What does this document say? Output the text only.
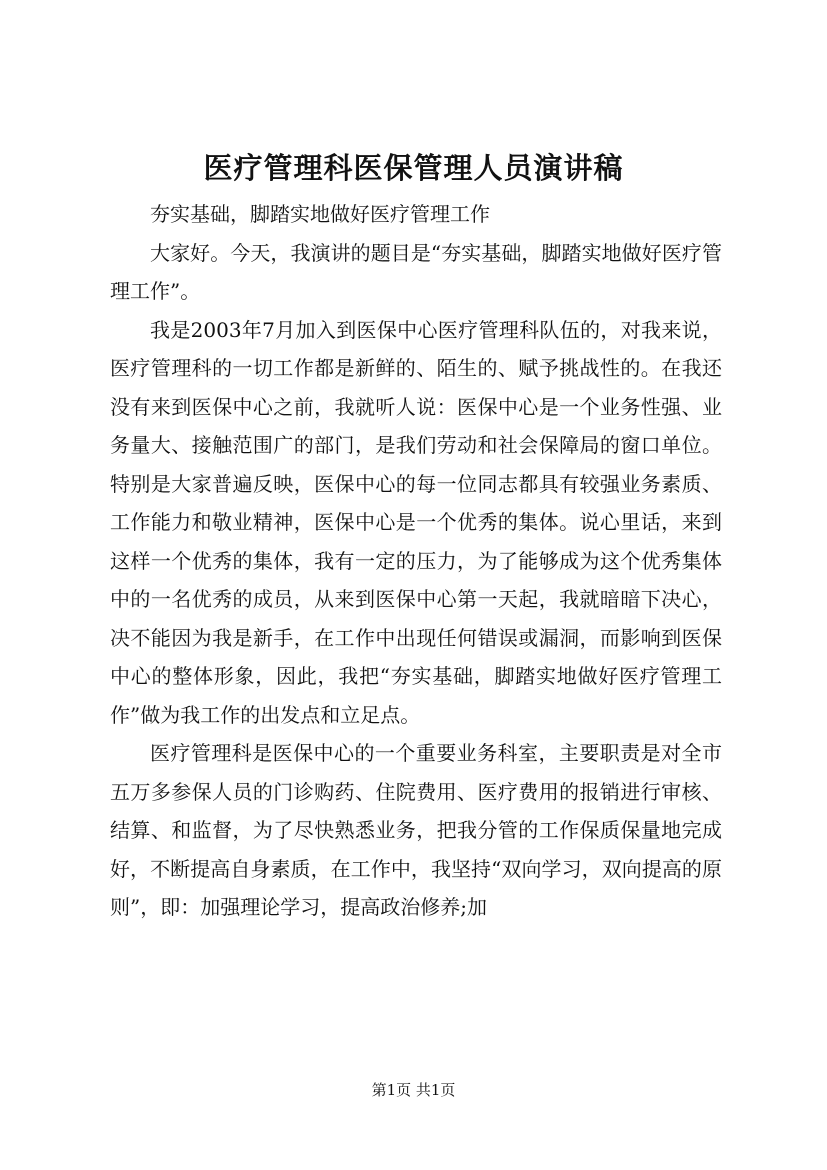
医疗管理科医保管理人员演讲稿

夯实基础，脚踏实地做好医疗管理工作

大家好。今天，我演讲的题目是“夯实基础，脚踏实地做好医疗管理工作”。

我是2003年7月加入到医保中心医疗管理科队伍的，对我来说，医疗管理科的一切工作都是新鲜的、陌生的、赋予挑战性的。在我还没有来到医保中心之前，我就听人说：医保中心是一个业务性强、业务量大、接触范围广的部门，是我们劳动和社会保障局的窗口单位。特别是大家普遍反映，医保中心的每一位同志都具有较强业务素质、工作能力和敬业精神，医保中心是一个优秀的集体。说心里话，来到这样一个优秀的集体，我有一定的压力，为了能够成为这个优秀集体中的一名优秀的成员，从来到医保中心第一天起，我就暗暗下决心，决不能因为我是新手，在工作中出现任何错误或漏洞，而影响到医保中心的整体形象，因此，我把“夯实基础，脚踏实地做好医疗管理工作”做为我工作的出发点和立足点。

医疗管理科是医保中心的一个重要业务科室，主要职责是对全市五万多参保人员的门诊购药、住院费用、医疗费用的报销进行审核、结算、和监督，为了尽快熟悉业务，把我分管的工作保质保量地完成好，不断提高自身素质，在工作中，我坚持“双向学习，双向提高的原则”，即：加强理论学习，提高政治修养;加

第1页 共1页
